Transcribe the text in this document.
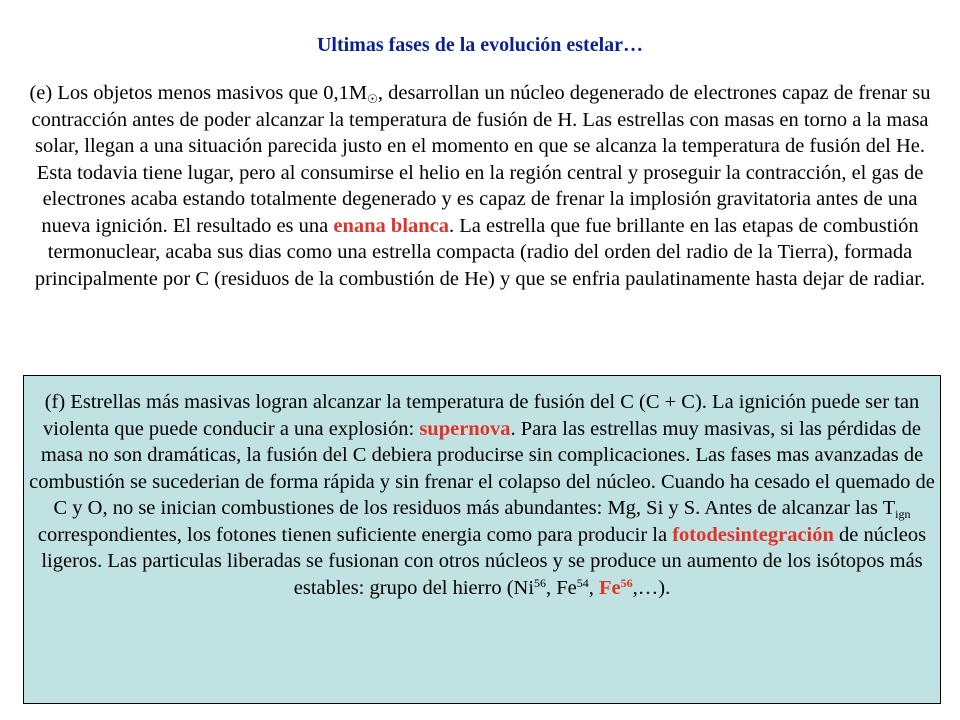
Ultimas fases de la evolución estelar…
(e) Los objetos menos masivos que 0,1M☉, desarrollan un núcleo degenerado de electrones capaz de frenar su contracción antes de poder alcanzar la temperatura de fusión de H. Las estrellas con masas en torno a la masa solar, llegan a una situación parecida justo en el momento en que se alcanza la temperatura de fusión del He. Esta todavia tiene lugar, pero al consumirse el helio en la región central y proseguir la contracción, el gas de electrones acaba estando totalmente degenerado y es capaz de frenar la implosión gravitatoria antes de una nueva ignición. El resultado es una enana blanca. La estrella que fue brillante en las etapas de combustión termonuclear, acaba sus dias como una estrella compacta (radio del orden del radio de la Tierra), formada principalmente por C (residuos de la combustión de He) y que se enfria paulatinamente hasta dejar de radiar.
(f) Estrellas más masivas logran alcanzar la temperatura de fusión del C (C + C). La ignición puede ser tan violenta que puede conducir a una explosión: supernova. Para las estrellas muy masivas, si las pérdidas de masa no son dramáticas, la fusión del C debiera producirse sin complicaciones. Las fases mas avanzadas de combustión se sucederian de forma rápida y sin frenar el colapso del núcleo. Cuando ha cesado el quemado de C y O, no se inician combustiones de los residuos más abundantes: Mg, Si y S. Antes de alcanzar las $T_{ign}$ correspondientes, los fotones tienen suficiente energia como para producir la fotodesintegración de núcleos ligeros. Las particulas liberadas se fusionan con otros núcleos y se produce un aumento de los isótopos más estables: grupo del hierro (Ni$^{56}$, Fe$^{54}$, Fe$^{56}$,…).
